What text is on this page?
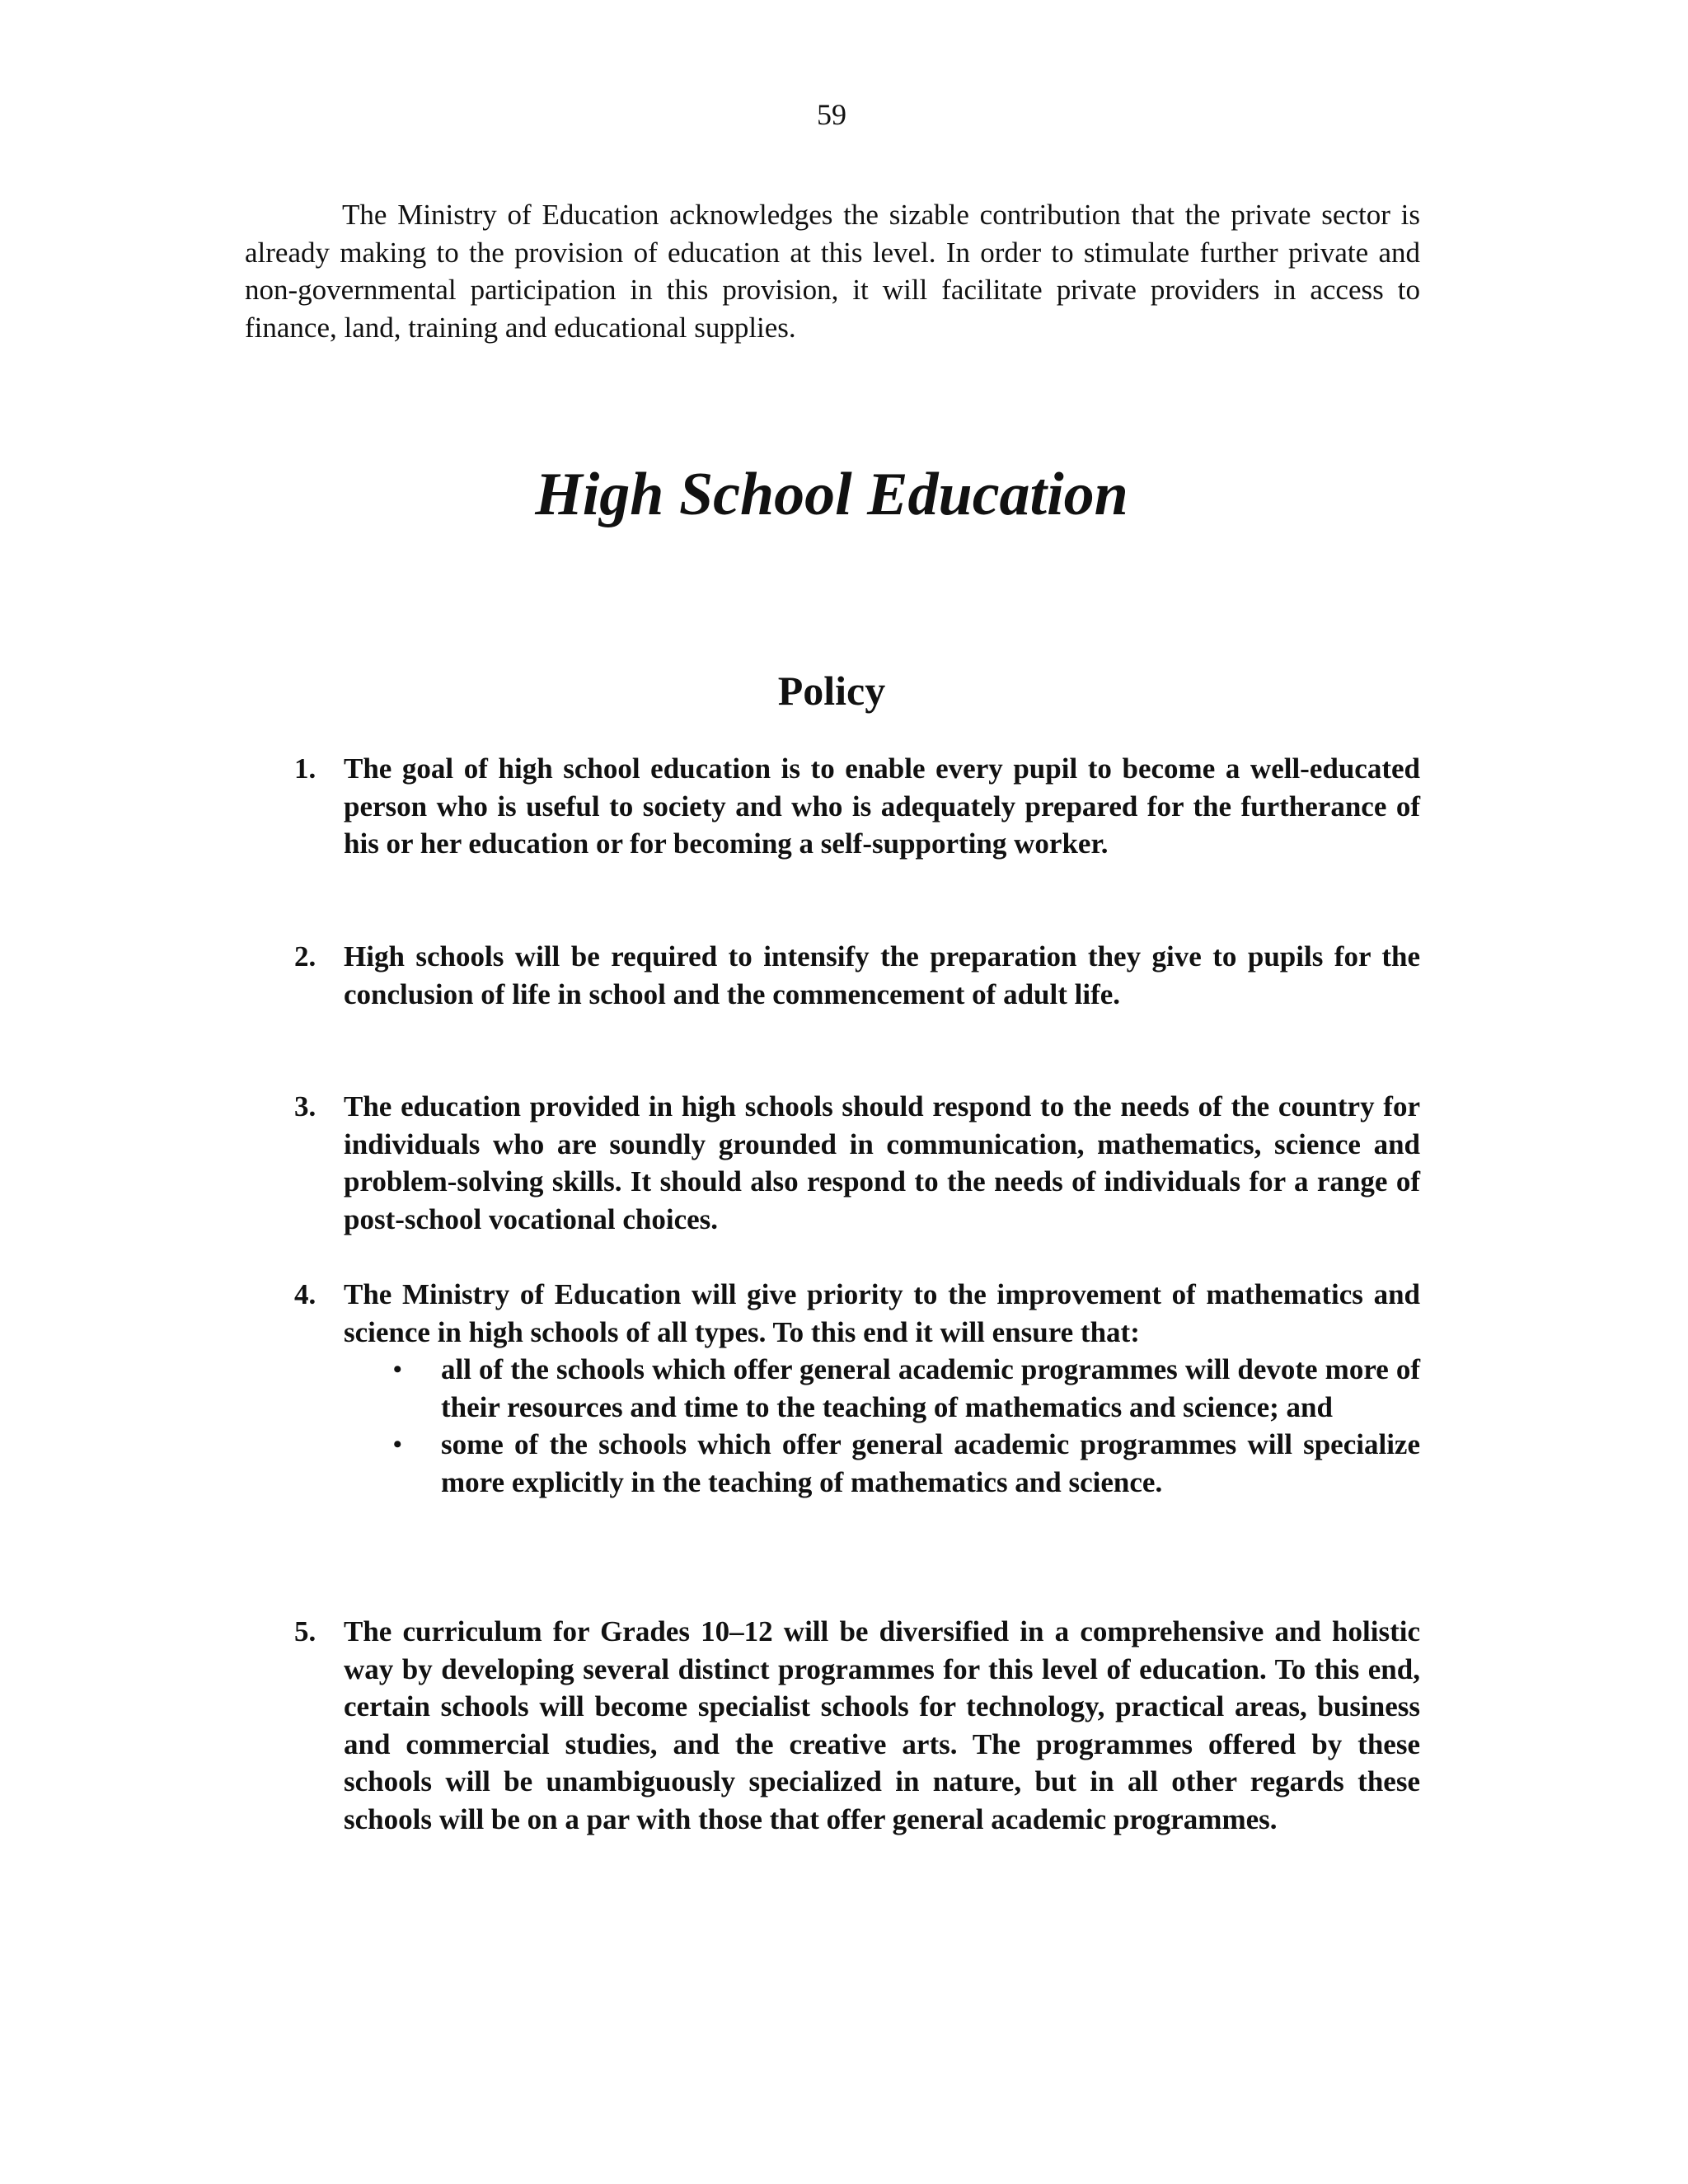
59

The Ministry of Education acknowledges the sizable contribution that the private sector is already making to the provision of education at this level. In order to stimulate further private and non-governmental participation in this provision, it will facilitate private providers in access to finance, land, training and educational supplies.

High School Education
Policy
1. The goal of high school education is to enable every pupil to become a well-educated person who is useful to society and who is adequately prepared for the furtherance of his or her education or for becoming a self-supporting worker.
2. High schools will be required to intensify the preparation they give to pupils for the conclusion of life in school and the commencement of adult life.
3. The education provided in high schools should respond to the needs of the country for individuals who are soundly grounded in communication, mathematics, science and problem-solving skills. It should also respond to the needs of individuals for a range of post-school vocational choices.
4. The Ministry of Education will give priority to the improvement of mathematics and science in high schools of all types. To this end it will ensure that:
• all of the schools which offer general academic programmes will devote more of their resources and time to the teaching of mathematics and science; and
• some of the schools which offer general academic programmes will specialize more explicitly in the teaching of mathematics and science.
5. The curriculum for Grades 10–12 will be diversified in a comprehensive and holistic way by developing several distinct programmes for this level of education. To this end, certain schools will become specialist schools for technology, practical areas, business and commercial studies, and the creative arts. The programmes offered by these schools will be unambiguously specialized in nature, but in all other regards these schools will be on a par with those that offer general academic programmes.
